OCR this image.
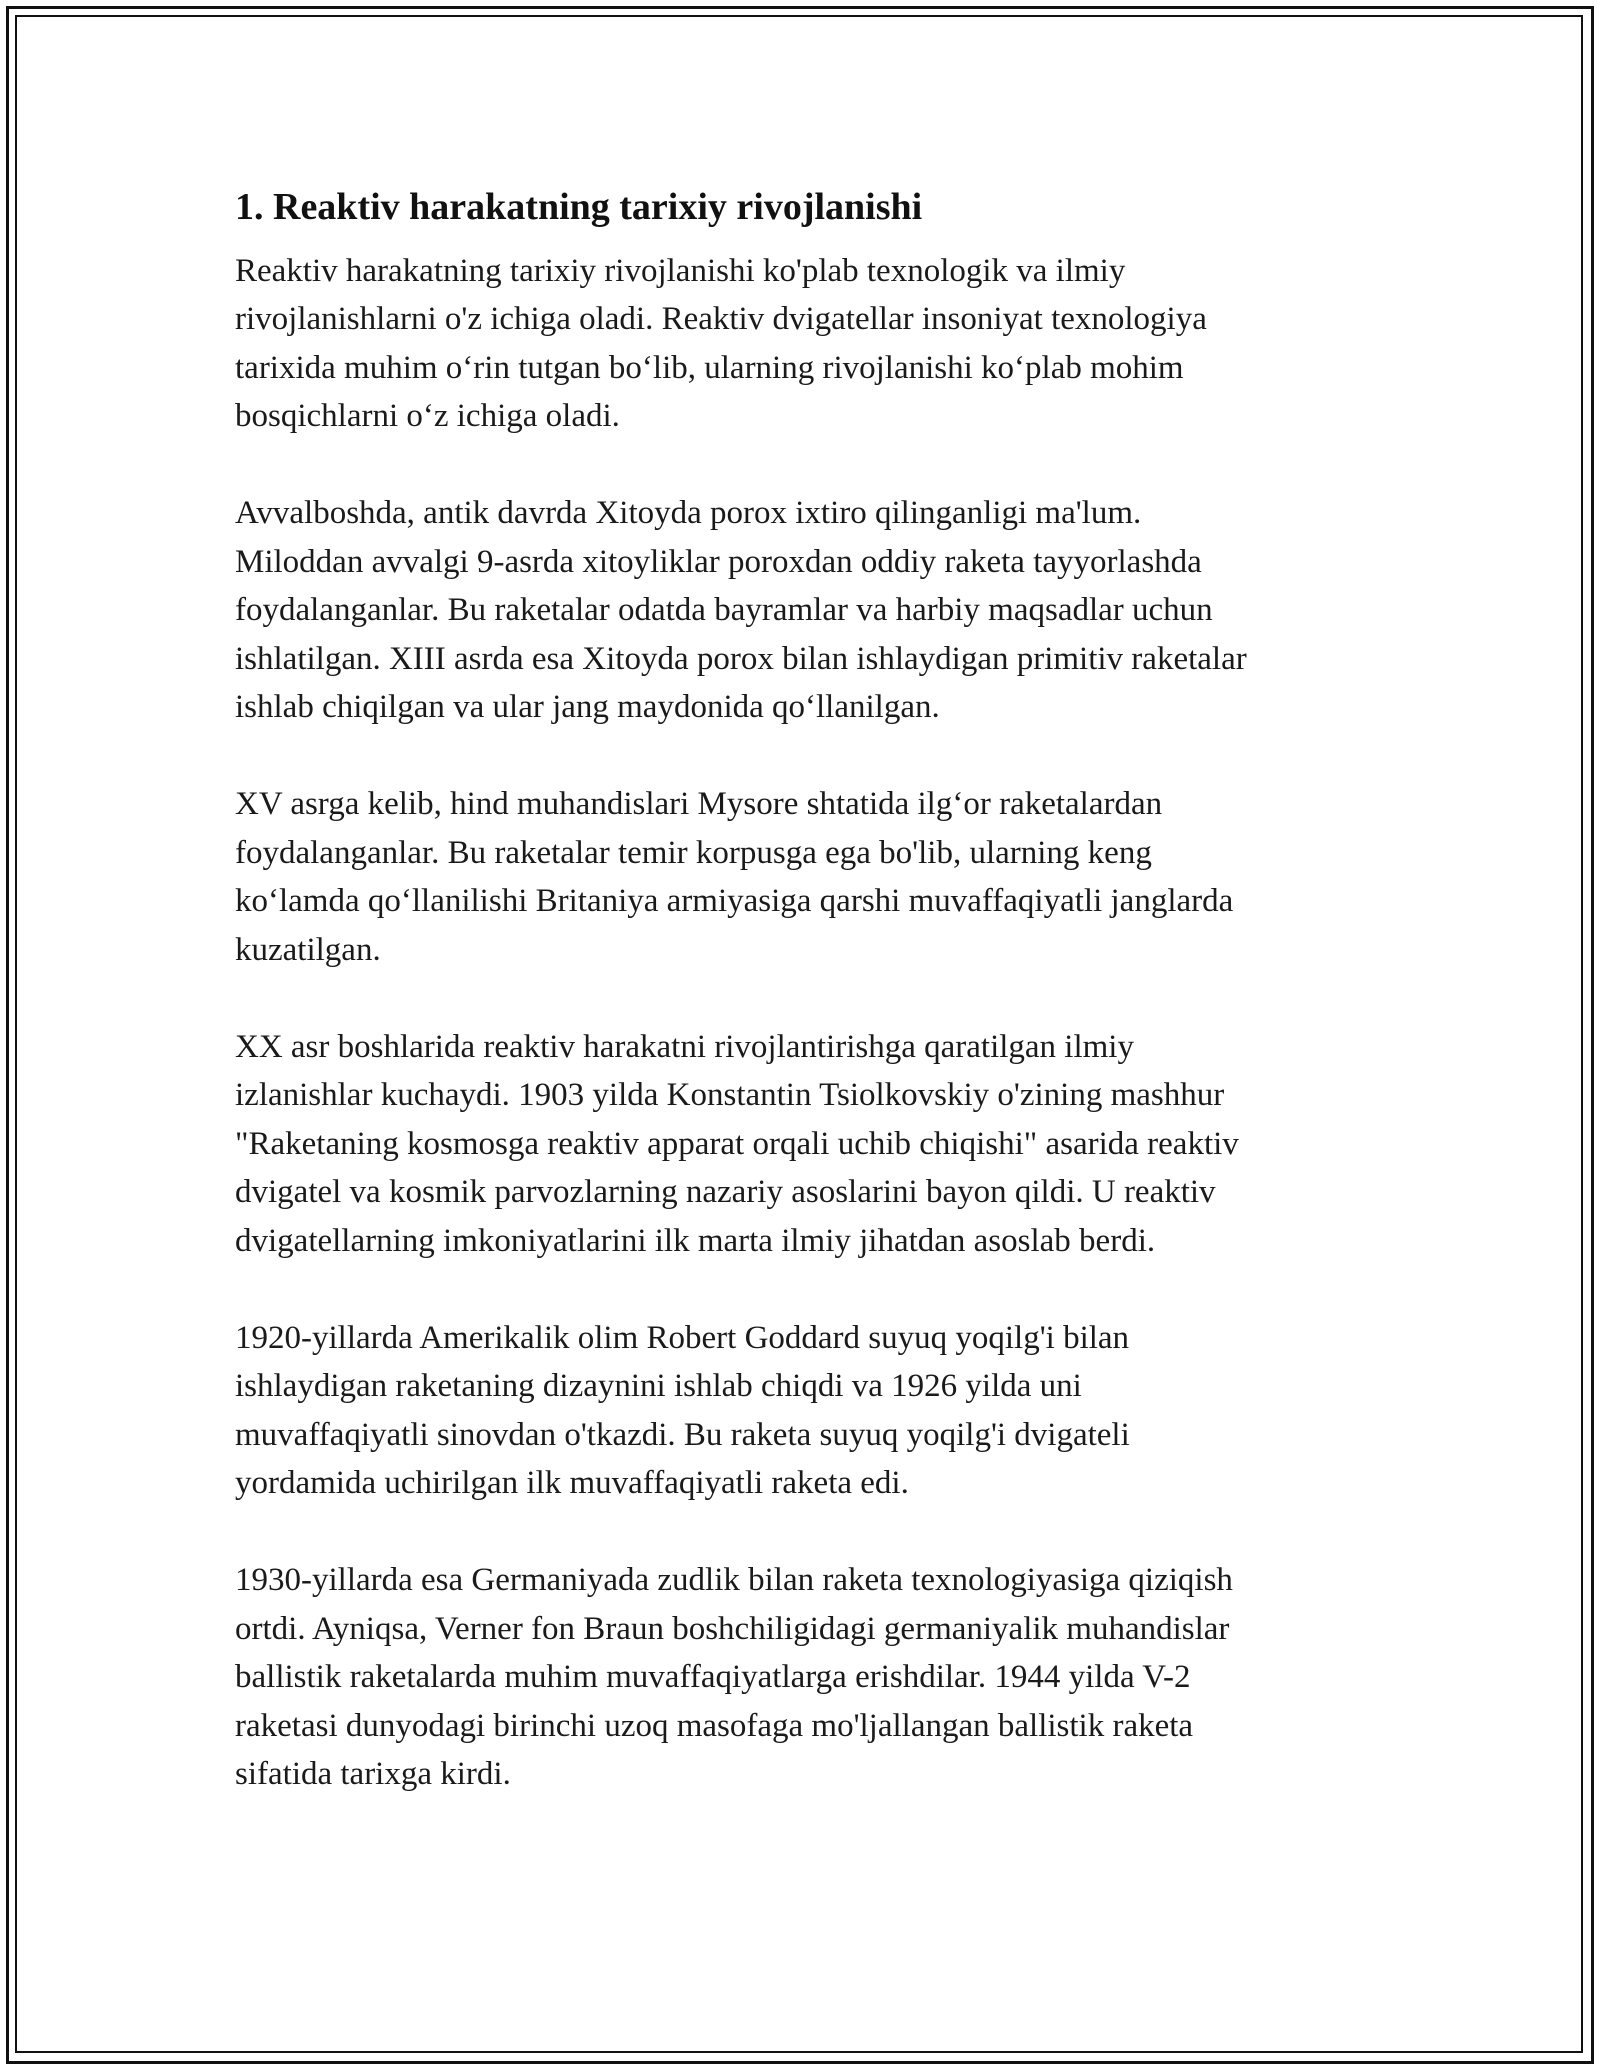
1. Reaktiv harakatning tarixiy rivojlanishi

Reaktiv harakatning tarixiy rivojlanishi ko'plab texnologik va ilmiy
rivojlanishlarni o'z ichiga oladi. Reaktiv dvigatellar insoniyat texnologiya
tarixida muhim o‘rin tutgan bo‘lib, ularning rivojlanishi ko‘plab mohim
bosqichlarni o‘z ichiga oladi.

Avvalboshda, antik davrda Xitoyda porox ixtiro qilinganligi ma'lum.
Miloddan avvalgi 9-asrda xitoyliklar poroxdan oddiy raketa tayyorlashda
foydalanganlar. Bu raketalar odatda bayramlar va harbiy maqsadlar uchun
ishlatilgan. XIII asrda esa Xitoyda porox bilan ishlaydigan primitiv raketalar
ishlab chiqilgan va ular jang maydonida qo‘llanilgan.

XV asrga kelib, hind muhandislari Mysore shtatida ilg‘or raketalardan
foydalanganlar. Bu raketalar temir korpusga ega bo'lib, ularning keng
ko‘lamda qo‘llanilishi Britaniya armiyasiga qarshi muvaffaqiyatli janglarda
kuzatilgan.

XX asr boshlarida reaktiv harakatni rivojlantirishga qaratilgan ilmiy
izlanishlar kuchaydi. 1903 yilda Konstantin Tsiolkovskiy o'zining mashhur
"Raketaning kosmosga reaktiv apparat orqali uchib chiqishi" asarida reaktiv
dvigatel va kosmik parvozlarning nazariy asoslarini bayon qildi. U reaktiv
dvigatellarning imkoniyatlarini ilk marta ilmiy jihatdan asoslab berdi.

1920-yillarda Amerikalik olim Robert Goddard suyuq yoqilg'i bilan
ishlaydigan raketaning dizaynini ishlab chiqdi va 1926 yilda uni
muvaffaqiyatli sinovdan o'tkazdi. Bu raketa suyuq yoqilg'i dvigateli
yordamida uchirilgan ilk muvaffaqiyatli raketa edi.

1930-yillarda esa Germaniyada zudlik bilan raketa texnologiyasiga qiziqish
ortdi. Ayniqsa, Verner fon Braun boshchiligidagi germaniyalik muhandislar
ballistik raketalarda muhim muvaffaqiyatlarga erishdilar. 1944 yilda V-2
raketasi dunyodagi birinchi uzoq masofaga mo'ljallangan ballistik raketa
sifatida tarixga kirdi.
